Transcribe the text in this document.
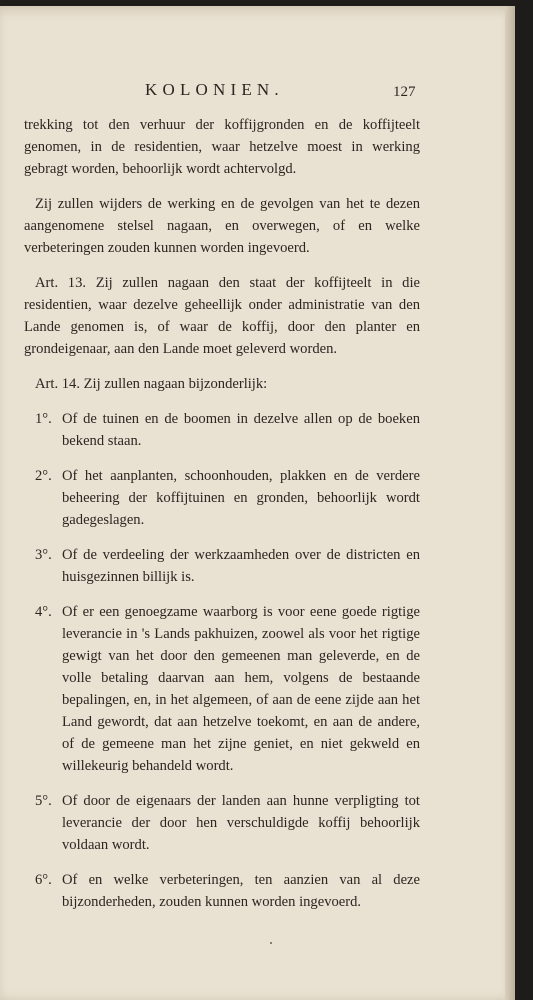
KOLONIEN.	127

trekking tot den verhuur der koffijgronden en de koffijteelt genomen, in de residentien, waar hetzelve moest in werking gebragt worden, behoorlijk wordt achtervolgd.

Zij zullen wijders de werking en de gevolgen van het te dezen aangenomene stelsel nagaan, en overwegen, of en welke verbeteringen zouden kunnen worden ingevoerd.

Art. 13. Zij zullen nagaan den staat der koffijteelt in die residentien, waar dezelve geheellijk onder administratie van den Lande genomen is, of waar de koffij, door den planter en grondeigenaar, aan den Lande moet geleverd worden.

Art. 14. Zij zullen nagaan bijzonderlijk:

1°. Of de tuinen en de boomen in dezelve allen op de boeken bekend staan.
2°. Of het aanplanten, schoonhouden, plakken en de verdere beheering der koffijtuinen en gronden, behoorlijk wordt gadegeslagen.
3°. Of de verdeeling der werkzaamheden over de districten en huisgezinnen billijk is.
4°. Of er een genoegzame waarborg is voor eene goede rigtige leverancie in 's Lands pakhuizen, zoowel als voor het rigtige gewigt van het door den gemeenen man geleverde, en de volle betaling daarvan aan hem, volgens de bestaande bepalingen, en, in het algemeen, of aan de eene zijde aan het Land gewordt, dat aan hetzelve toekomt, en aan de andere, of de gemeene man het zijne geniet, en niet gekweld en willekeurig behandeld wordt.
5°. Of door de eigenaars der landen aan hunne verpligting tot leverancie der door hen verschuldigde koffij behoorlijk voldaan wordt.
6°. Of en welke verbeteringen, ten aanzien van al deze bijzonderheden, zouden kunnen worden ingevoerd.
